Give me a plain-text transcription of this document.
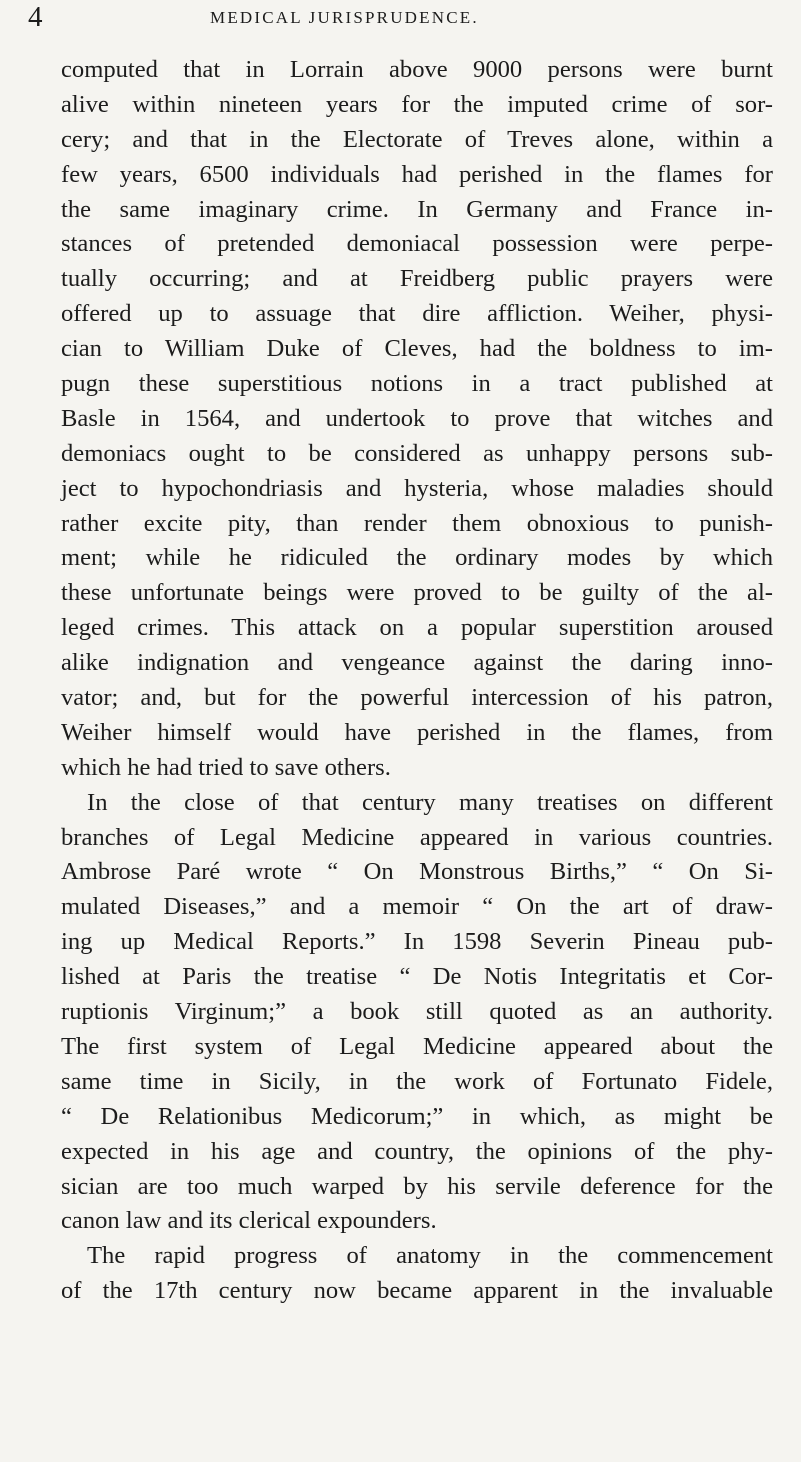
4	MEDICAL JURISPRUDENCE.
computed that in Lorrain above 9000 persons were burnt
alive within nineteen years for the imputed crime of sor-
cery; and that in the Electorate of Treves alone, within a
few years, 6500 individuals had perished in the flames for
the same imaginary crime. In Germany and France in-
stances of pretended demoniacal possession were perpe-
tually occurring; and at Freidberg public prayers were
offered up to assuage that dire affliction. Weiher, physi-
cian to William Duke of Cleves, had the boldness to im-
pugn these superstitious notions in a tract published at
Basle in 1564, and undertook to prove that witches and
demoniacs ought to be considered as unhappy persons sub-
ject to hypochondriasis and hysteria, whose maladies should
rather excite pity, than render them obnoxious to punish-
ment; while he ridiculed the ordinary modes by which
these unfortunate beings were proved to be guilty of the al-
leged crimes. This attack on a popular superstition aroused
alike indignation and vengeance against the daring inno-
vator; and, but for the powerful intercession of his patron,
Weiher himself would have perished in the flames, from
which he had tried to save others.
In the close of that century many treatises on different
branches of Legal Medicine appeared in various countries.
Ambrose Paré wrote “ On Monstrous Births,” “ On Si-
mulated Diseases,” and a memoir “ On the art of draw-
ing up Medical Reports.” In 1598 Severin Pineau pub-
lished at Paris the treatise “ De Notis Integritatis et Cor-
ruptionis Virginum;” a book still quoted as an authority.
The first system of Legal Medicine appeared about the
same time in Sicily, in the work of Fortunato Fidele,
“ De Relationibus Medicorum;” in which, as might be
expected in his age and country, the opinions of the phy-
sician are too much warped by his servile deference for the
canon law and its clerical expounders.
The rapid progress of anatomy in the commencement
of the 17th century now became apparent in the invaluable
